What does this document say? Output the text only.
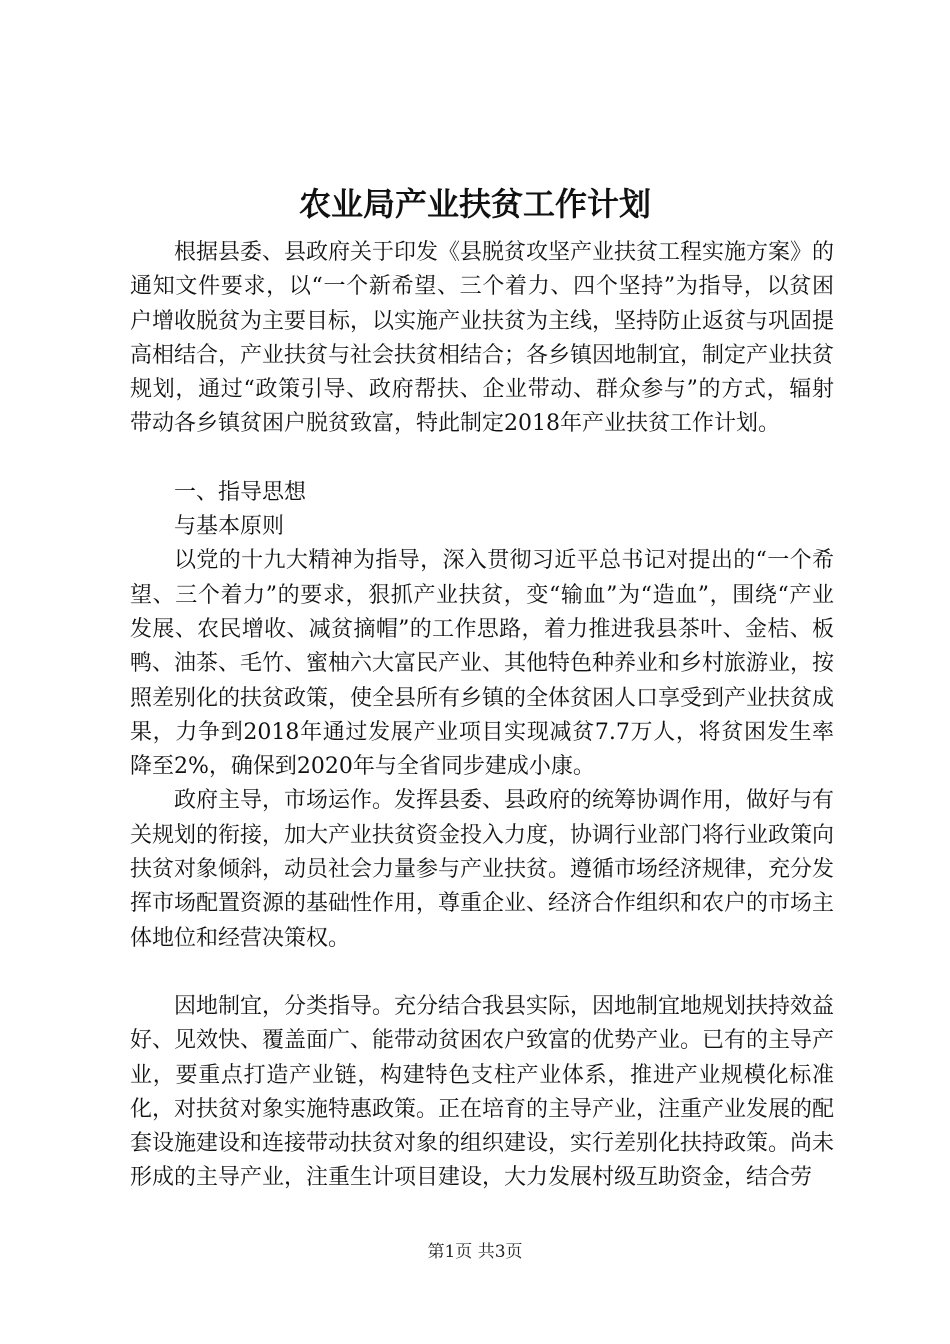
农业局产业扶贫工作计划

根据县委、县政府关于印发《县脱贫攻坚产业扶贫工程实施方案》的通知文件要求，以“一个新希望、三个着力、四个坚持”为指导，以贫困户增收脱贫为主要目标，以实施产业扶贫为主线，坚持防止返贫与巩固提高相结合，产业扶贫与社会扶贫相结合；各乡镇因地制宜，制定产业扶贫规划，通过“政策引导、政府帮扶、企业带动、群众参与”的方式，辐射带动各乡镇贫困户脱贫致富，特此制定2018年产业扶贫工作计划。

一、指导思想

与基本原则

以党的十九大精神为指导，深入贯彻习近平总书记对提出的“一个希望、三个着力”的要求，狠抓产业扶贫，变“输血”为“造血”，围绕“产业发展、农民增收、减贫摘帽”的工作思路，着力推进我县茶叶、金桔、板鸭、油茶、毛竹、蜜柚六大富民产业、其他特色种养业和乡村旅游业，按照差别化的扶贫政策，使全县所有乡镇的全体贫困人口享受到产业扶贫成果，力争到2018年通过发展产业项目实现减贫7.7万人，将贫困发生率降至2%，确保到2020年与全省同步建成小康。

政府主导，市场运作。发挥县委、县政府的统筹协调作用，做好与有关规划的衔接，加大产业扶贫资金投入力度，协调行业部门将行业政策向扶贫对象倾斜，动员社会力量参与产业扶贫。遵循市场经济规律，充分发挥市场配置资源的基础性作用，尊重企业、经济合作组织和农户的市场主体地位和经营决策权。

因地制宜，分类指导。充分结合我县实际，因地制宜地规划扶持效益好、见效快、覆盖面广、能带动贫困农户致富的优势产业。已有的主导产业，要重点打造产业链，构建特色支柱产业体系，推进产业规模化标准化，对扶贫对象实施特惠政策。正在培育的主导产业，注重产业发展的配套设施建设和连接带动扶贫对象的组织建设，实行差别化扶持政策。尚未形成的主导产业，注重生计项目建设，大力发展村级互助资金，结合劳

第1页 共3页
